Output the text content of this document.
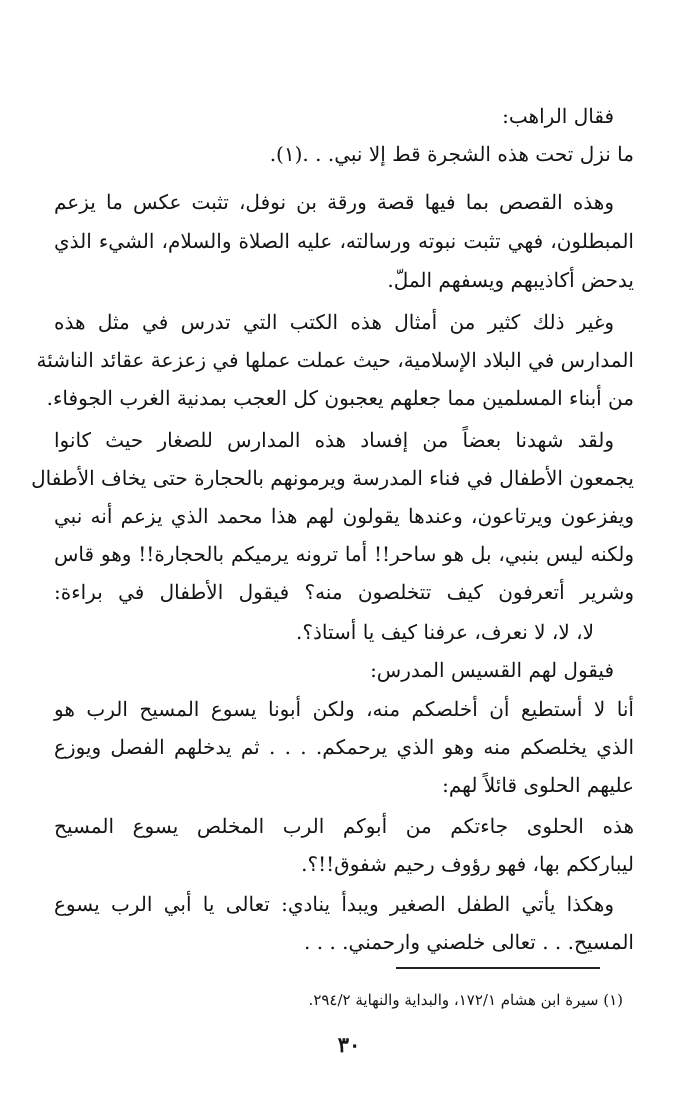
فقال الراهب:
ما نزل تحت هذه الشجرة قط إلا نبي. . .(١).
وهذه القصص بما فيها قصة ورقة بن نوفل، تثبت عكس ما يزعم
المبطلون، فهي تثبت نبوته ورسالته، عليه الصلاة والسلام، الشيء الذي
يدحض أكاذيبهم ويسفهم الملّ.
وغير ذلك كثير من أمثال هذه الكتب التي تدرس في مثل هذه
المدارس في البلاد الإسلامية، حيث عملت عملها في زعزعة عقائد الناشئة
من أبناء المسلمين مما جعلهم يعجبون كل العجب بمدنية الغرب الجوفاء.
ولقد شهدنا بعضاً من إفساد هذه المدارس للصغار حيث كانوا
يجمعون الأطفال في فناء المدرسة ويرمونهم بالحجارة حتى يخاف الأطفال
ويفزعون ويرتاعون، وعندها يقولون لهم هذا محمد الذي يزعم أنه نبي
ولكنه ليس بنبي، بل هو ساحر!! أما ترونه يرميكم بالحجارة!! وهو قاس
وشرير أتعرفون كيف تتخلصون منه؟ فيقول الأطفال في براءة:
لا، لا، لا نعرف، عرفنا كيف يا أستاذ؟.
فيقول لهم القسيس المدرس:
أنا لا أستطيع أن أخلصكم منه، ولكن أبونا يسوع المسيح الرب هو
الذي يخلصكم منه وهو الذي يرحمكم. . . . ثم يدخلهم الفصل ويوزع
عليهم الحلوى قائلاً لهم:
هذه الحلوى جاءتكم من أبوكم الرب المخلص يسوع المسيح
ليبارككم بها، فهو رؤوف رحيم شفوق!!؟.
وهكذا يأتي الطفل الصغير ويبدأ ينادي: تعالى يا أبي الرب يسوع
المسيح. . . تعالى خلصني وارحمني. . . .
(١) سيرة ابن هشام ١٧٢/١، والبداية والنهاية ٢٩٤/٢.
٣٠
